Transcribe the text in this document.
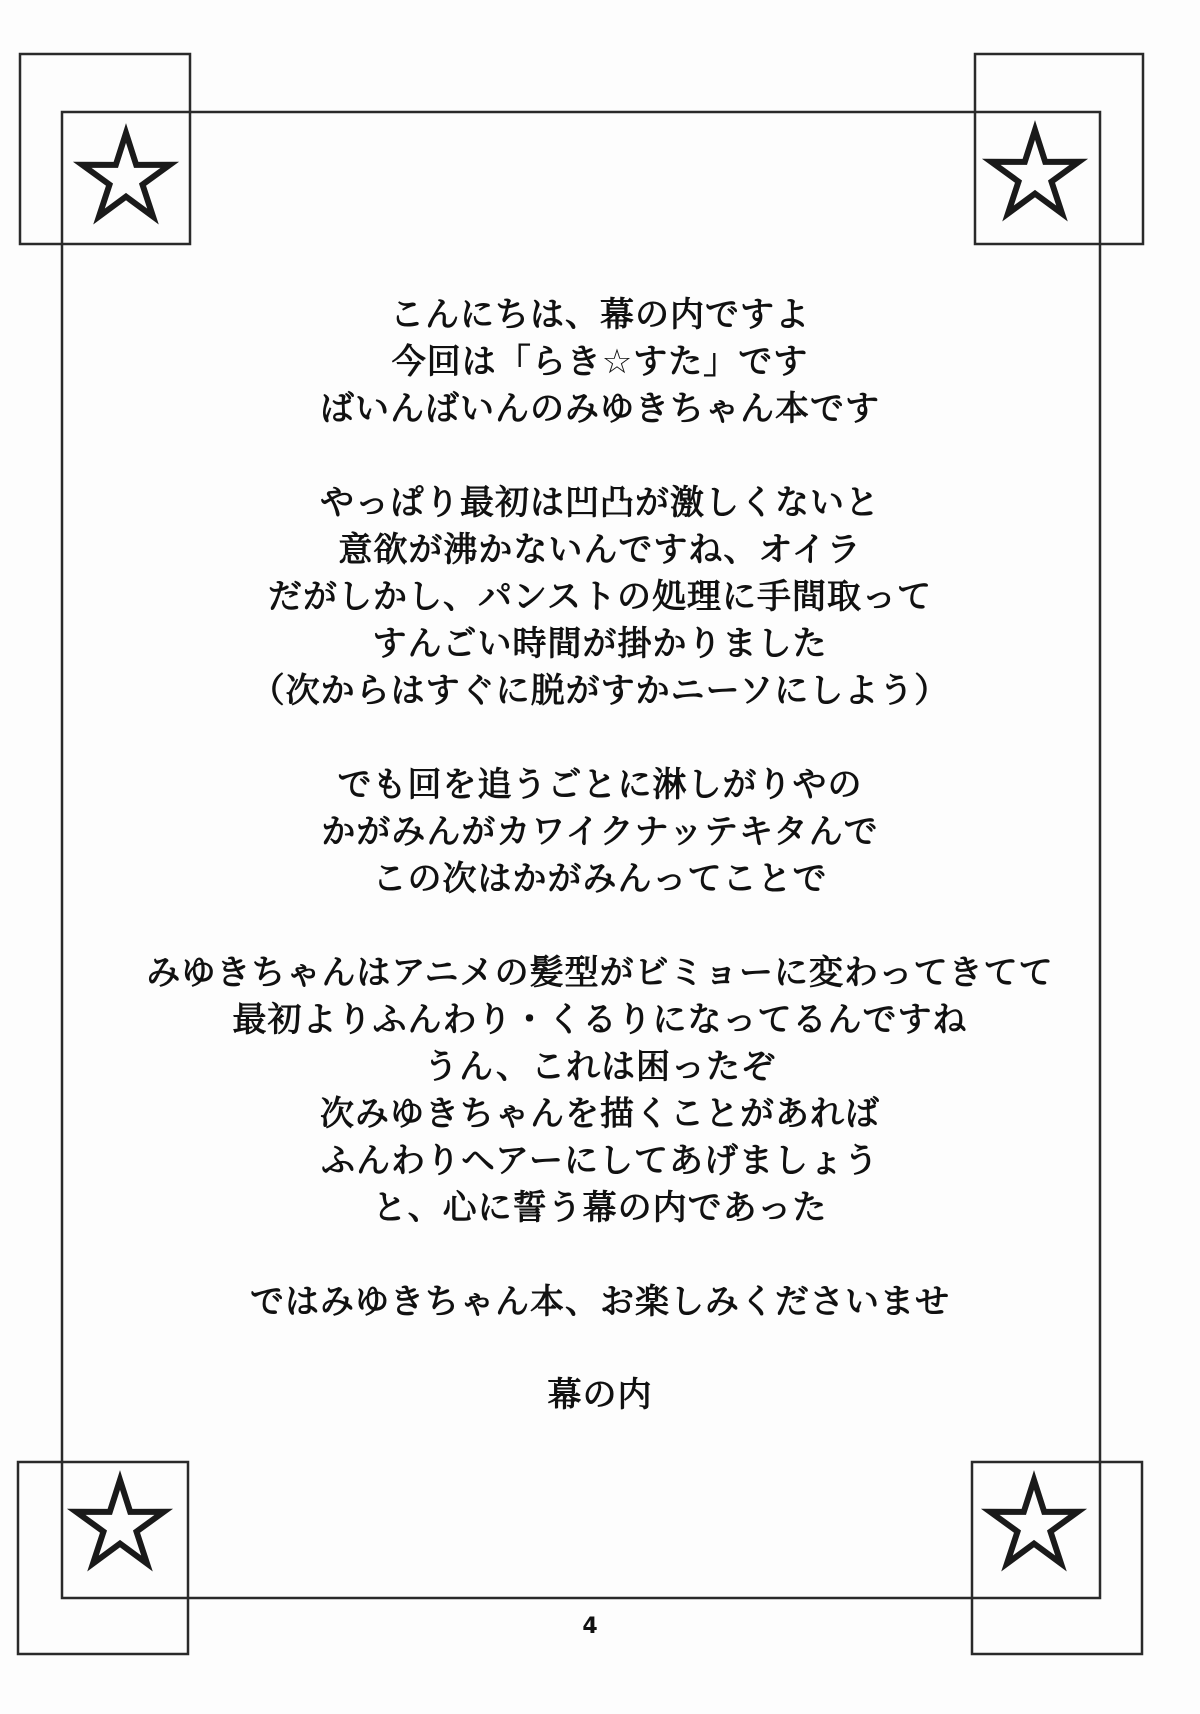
こんにちは、幕の内ですよ
今回は「らき☆すた」です
ばいんばいんのみゆきちゃん本です
やっぱり最初は凹凸が激しくないと
意欲が沸かないんですね、オイラ
だがしかし、パンストの処理に手間取って
すんごい時間が掛かりました
（次からはすぐに脱がすかニーソにしよう）
でも回を追うごとに淋しがりやの
かがみんがカワイクナッテキタんで
この次はかがみんってことで
みゆきちゃんはアニメの髪型がビミョーに変わってきてて
最初よりふんわり・くるりになってるんですね
うん、これは困ったぞ
次みゆきちゃんを描くことがあれば
ふんわりヘアーにしてあげましょう
と、心に誓う幕の内であった
ではみゆきちゃん本、お楽しみくださいませ
幕の内
4
